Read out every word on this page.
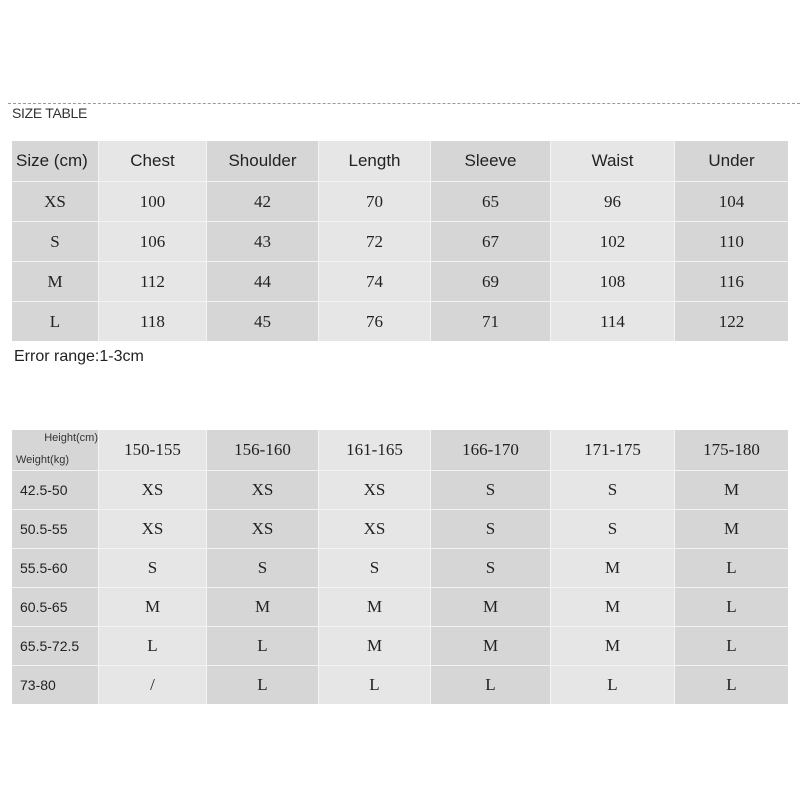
SIZE TABLE
Size (cm)	Chest	Shoulder	Length	Sleeve	Waist	Under
XS	100	42	70	65	96	104
S	106	43	72	67	102	110
M	112	44	74	69	108	116
L	118	45	76	71	114	122
Error range:1-3cm
Height(cm)
Weight(kg)	150-155	156-160	161-165	166-170	171-175	175-180
42.5-50	XS	XS	XS	S	S	M
50.5-55	XS	XS	XS	S	S	M
55.5-60	S	S	S	S	M	L
60.5-65	M	M	M	M	M	L
65.5-72.5	L	L	M	M	M	L
73-80	/	L	L	L	L	L
